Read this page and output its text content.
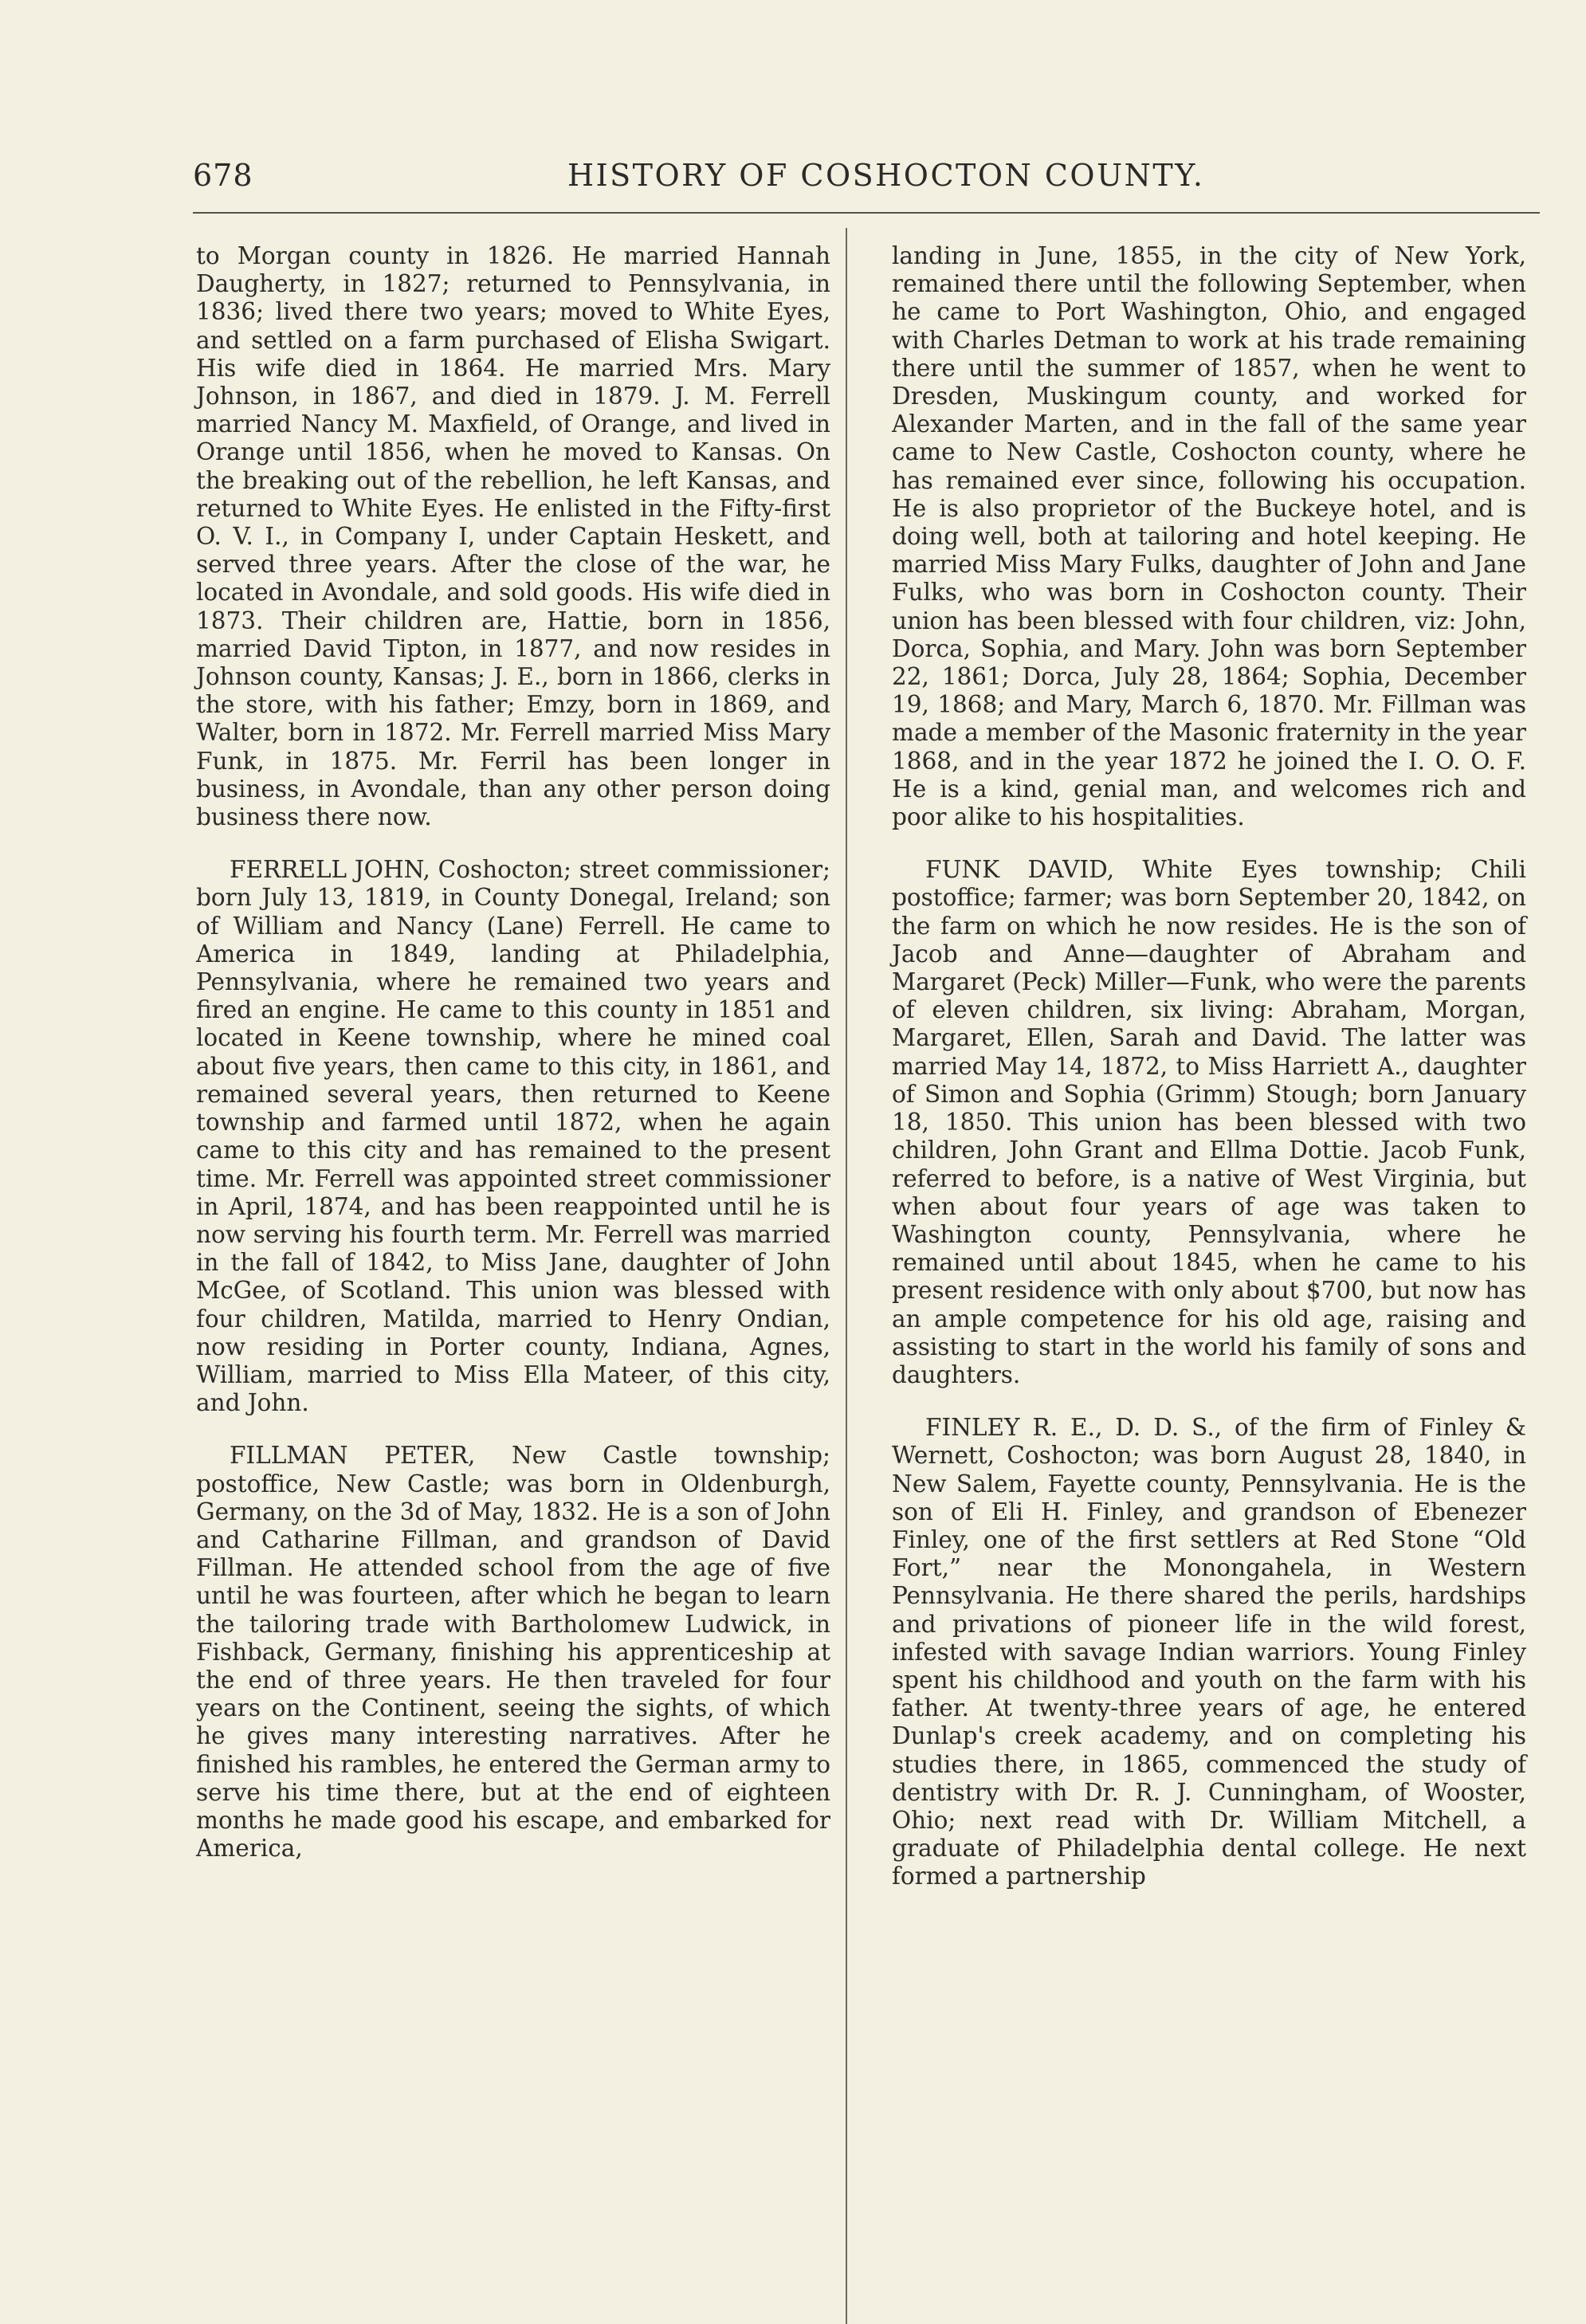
678	HISTORY OF COSHOCTON COUNTY.

to Morgan county in 1826. He married Hannah Daugherty, in 1827; returned to Pennsylvania, in 1836; lived there two years; moved to White Eyes, and settled on a farm purchased of Elisha Swigart. His wife died in 1864. He married Mrs. Mary Johnson, in 1867, and died in 1879. J. M. Ferrell married Nancy M. Maxfield, of Orange, and lived in Orange until 1856, when he moved to Kansas. On the breaking out of the rebellion, he left Kansas, and returned to White Eyes. He enlisted in the Fifty-first O. V. I., in Company I, under Captain Heskett, and served three years. After the close of the war, he located in Avondale, and sold goods. His wife died in 1873. Their children are, Hattie, born in 1856, married David Tipton, in 1877, and now resides in Johnson county, Kansas; J. E., born in 1866, clerks in the store, with his father; Emzy, born in 1869, and Walter, born in 1872. Mr. Ferrell married Miss Mary Funk, in 1875. Mr. Ferril has been longer in business, in Avondale, than any other person doing business there now.

FERRELL JOHN, Coshocton; street commissioner; born July 13, 1819, in County Donegal, Ireland; son of William and Nancy (Lane) Ferrell. He came to America in 1849, landing at Philadelphia, Pennsylvania, where he remained two years and fired an engine. He came to this county in 1851 and located in Keene township, where he mined coal about five years, then came to this city, in 1861, and remained several years, then returned to Keene township and farmed until 1872, when he again came to this city and has remained to the present time. Mr. Ferrell was appointed street commissioner in April, 1874, and has been reappointed until he is now serving his fourth term. Mr. Ferrell was married in the fall of 1842, to Miss Jane, daughter of John McGee, of Scotland. This union was blessed with four children, Matilda, married to Henry Ondian, now residing in Porter county, Indiana, Agnes, William, married to Miss Ella Mateer, of this city, and John.

FILLMAN PETER, New Castle township; postoffice, New Castle; was born in Oldenburgh, Germany, on the 3d of May, 1832. He is a son of John and Catharine Fillman, and grandson of David Fillman. He attended school from the age of five until he was fourteen, after which he began to learn the tailoring trade with Bartholomew Ludwick, in Fishback, Germany, finishing his apprenticeship at the end of three years. He then traveled for four years on the Continent, seeing the sights, of which he gives many interesting narratives. After he finished his rambles, he entered the German army to serve his time there, but at the end of eighteen months he made good his escape, and embarked for America,

landing in June, 1855, in the city of New York, remained there until the following September, when he came to Port Washington, Ohio, and engaged with Charles Detman to work at his trade remaining there until the summer of 1857, when he went to Dresden, Muskingum county, and worked for Alexander Marten, and in the fall of the same year came to New Castle, Coshocton county, where he has remained ever since, following his occupation. He is also proprietor of the Buckeye hotel, and is doing well, both at tailoring and hotel keeping. He married Miss Mary Fulks, daughter of John and Jane Fulks, who was born in Coshocton county. Their union has been blessed with four children, viz: John, Dorca, Sophia, and Mary. John was born September 22, 1861; Dorca, July 28, 1864; Sophia, December 19, 1868; and Mary, March 6, 1870. Mr. Fillman was made a member of the Masonic fraternity in the year 1868, and in the year 1872 he joined the I. O. O. F. He is a kind, genial man, and welcomes rich and poor alike to his hospitalities.

FUNK DAVID, White Eyes township; Chili postoffice; farmer; was born September 20, 1842, on the farm on which he now resides. He is the son of Jacob and Anne—daughter of Abraham and Margaret (Peck) Miller—Funk, who were the parents of eleven children, six living: Abraham, Morgan, Margaret, Ellen, Sarah and David. The latter was married May 14, 1872, to Miss Harriett A., daughter of Simon and Sophia (Grimm) Stough; born January 18, 1850. This union has been blessed with two children, John Grant and Ellma Dottie. Jacob Funk, referred to before, is a native of West Virginia, but when about four years of age was taken to Washington county, Pennsylvania, where he remained until about 1845, when he came to his present residence with only about $700, but now has an ample competence for his old age, raising and assisting to start in the world his family of sons and daughters.

FINLEY R. E., D. D. S., of the firm of Finley & Wernett, Coshocton; was born August 28, 1840, in New Salem, Fayette county, Pennsylvania. He is the son of Eli H. Finley, and grandson of Ebenezer Finley, one of the first settlers at Red Stone “Old Fort,” near the Monongahela, in Western Pennsylvania. He there shared the perils, hardships and privations of pioneer life in the wild forest, infested with savage Indian warriors. Young Finley spent his childhood and youth on the farm with his father. At twenty-three years of age, he entered Dunlap's creek academy, and on completing his studies there, in 1865, commenced the study of dentistry with Dr. R. J. Cunningham, of Wooster, Ohio; next read with Dr. William Mitchell, a graduate of Philadelphia dental college. He next formed a partnership
